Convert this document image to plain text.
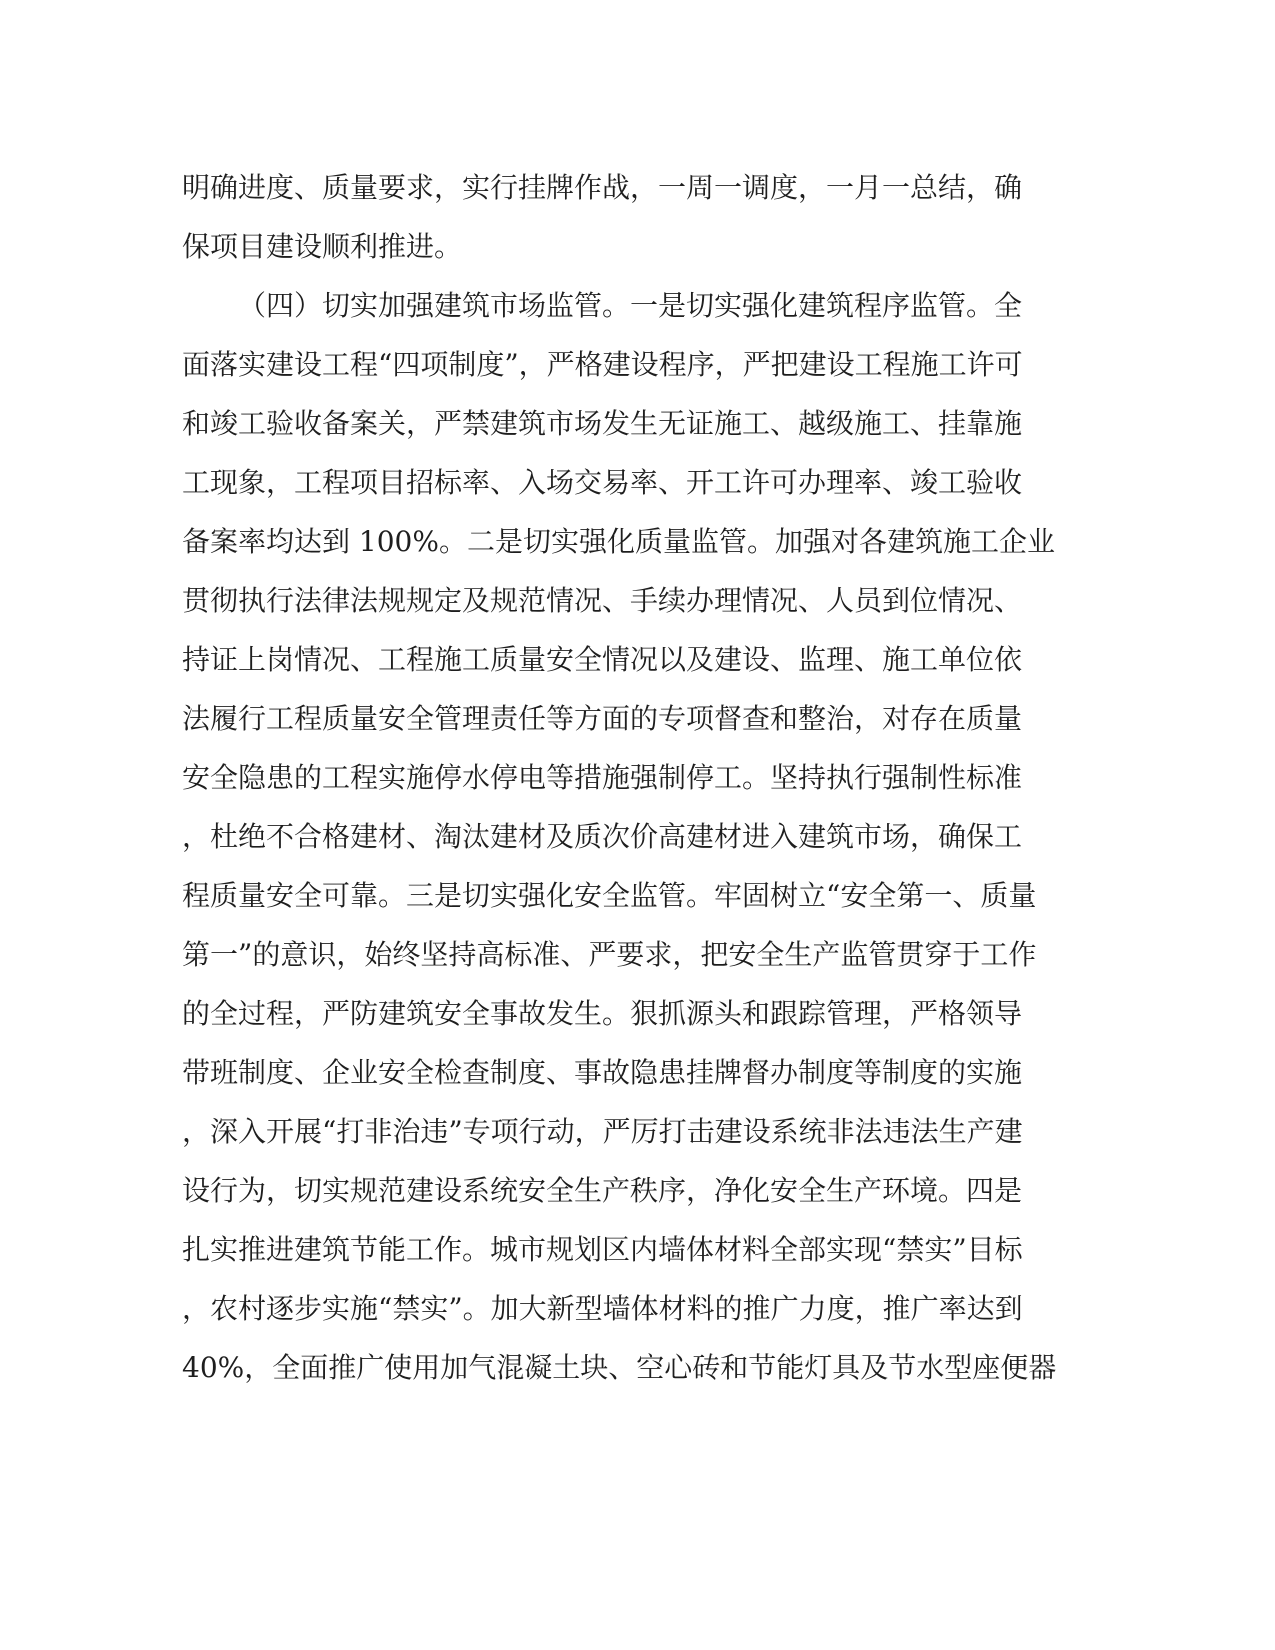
明确进度、质量要求，实行挂牌作战，一周一调度，一月一总结，确
保项目建设顺利推进。
（四）切实加强建筑市场监管。一是切实强化建筑程序监管。全
面落实建设工程“四项制度”，严格建设程序，严把建设工程施工许可
和竣工验收备案关，严禁建筑市场发生无证施工、越级施工、挂靠施
工现象，工程项目招标率、入场交易率、开工许可办理率、竣工验收
备案率均达到 100%。二是切实强化质量监管。加强对各建筑施工企业
贯彻执行法律法规规定及规范情况、手续办理情况、人员到位情况、
持证上岗情况、工程施工质量安全情况以及建设、监理、施工单位依
法履行工程质量安全管理责任等方面的专项督查和整治，对存在质量
安全隐患的工程实施停水停电等措施强制停工。坚持执行强制性标准
，杜绝不合格建材、淘汰建材及质次价高建材进入建筑市场，确保工
程质量安全可靠。三是切实强化安全监管。牢固树立“安全第一、质量
第一”的意识，始终坚持高标准、严要求，把安全生产监管贯穿于工作
的全过程，严防建筑安全事故发生。狠抓源头和跟踪管理，严格领导
带班制度、企业安全检查制度、事故隐患挂牌督办制度等制度的实施
，深入开展“打非治违”专项行动，严厉打击建设系统非法违法生产建
设行为，切实规范建设系统安全生产秩序，净化安全生产环境。四是
扎实推进建筑节能工作。城市规划区内墙体材料全部实现“禁实”目标
，农村逐步实施“禁实”。加大新型墙体材料的推广力度，推广率达到
40%，全面推广使用加气混凝土块、空心砖和节能灯具及节水型座便器
